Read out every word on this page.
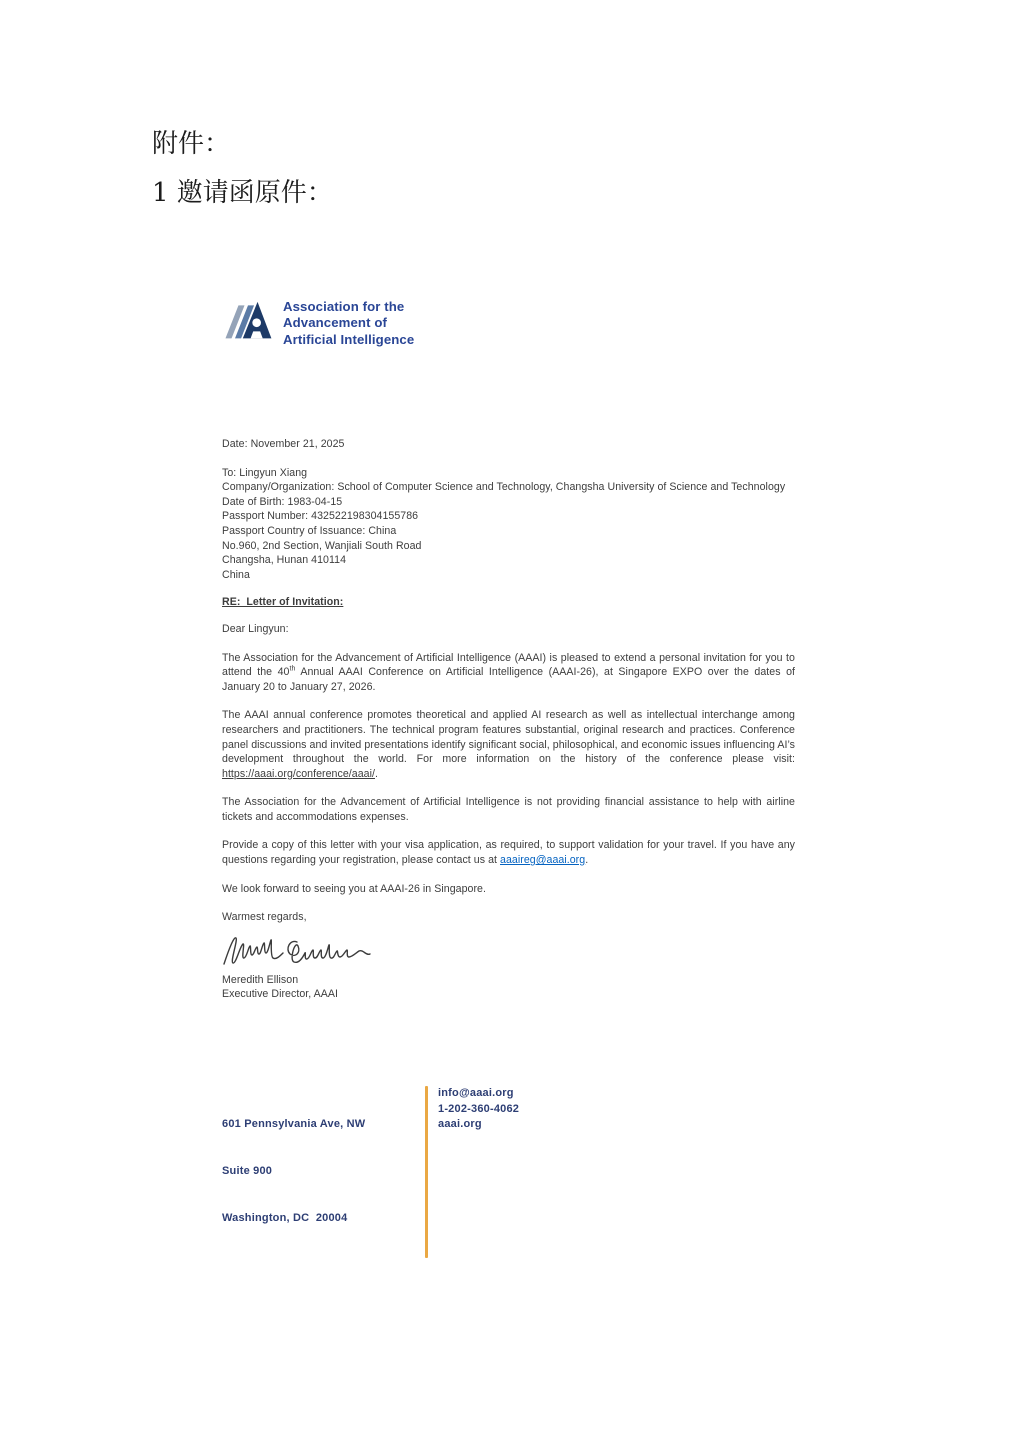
附件：
1 邀请函原件：
Association for the
Advancement of
Artificial Intelligence
Date: November 21, 2025
To: Lingyun Xiang
Company/Organization: School of Computer Science and Technology, Changsha University of Science and Technology
Date of Birth: 1983-04-15
Passport Number: 432522198304155786
Passport Country of Issuance: China
No.960, 2nd Section, Wanjiali South Road
Changsha, Hunan 410114
China
RE:  Letter of Invitation:
Dear Lingyun:

The Association for the Advancement of Artificial Intelligence (AAAI) is pleased to extend a personal invitation for you to attend the 40th Annual AAAI Conference on Artificial Intelligence (AAAI-26), at Singapore EXPO over the dates of January 20 to January 27, 2026.

The AAAI annual conference promotes theoretical and applied AI research as well as intellectual interchange among researchers and practitioners. The technical program features substantial, original research and practices. Conference panel discussions and invited presentations identify significant social, philosophical, and economic issues influencing AI’s development throughout the world. For more information on the history of the conference please visit: https://aaai.org/conference/aaai/.

The Association for the Advancement of Artificial Intelligence is not providing financial assistance to help with airline tickets and accommodations expenses.

Provide a copy of this letter with your visa application, as required, to support validation for your travel. If you have any questions regarding your registration, please contact us at aaaireg@aaai.org.

We look forward to seeing you at AAAI-26 in Singapore.

Warmest regards,
Meredith Ellison
Executive Director, AAAI

601 Pennsylvania Ave, NW

Suite 900

Washington, DC  20004

info@aaai.org
1-202-360-4062
aaai.org
